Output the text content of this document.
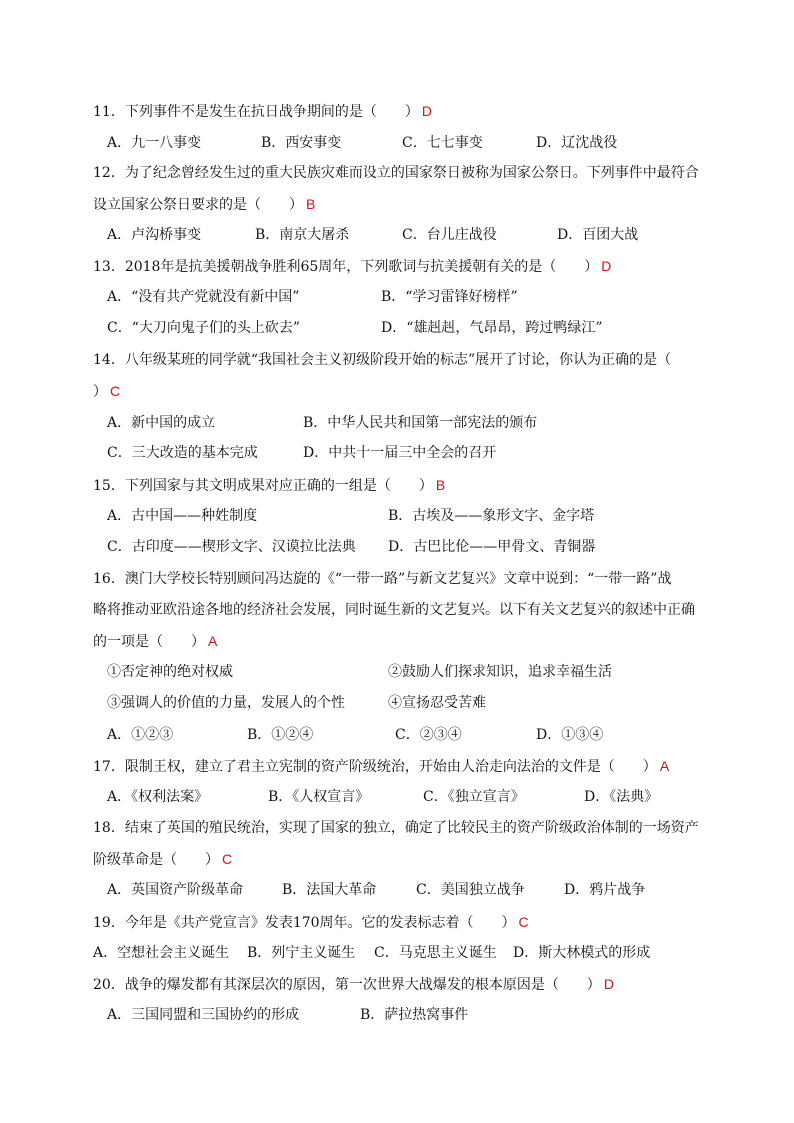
11．下列事件不是发生在抗日战争期间的是（　　） D
A．九一八事变	B．西安事变	C．七七事变	D．辽沈战役
12．为了纪念曾经发生过的重大民族灾难而设立的国家祭日被称为国家公祭日。下列事件中最符合
设立国家公祭日要求的是（　　） B
A．卢沟桥事变	B．南京大屠杀	C．台儿庄战役	D．百团大战
13．2018年是抗美援朝战争胜利65周年，下列歌词与抗美援朝有关的是（　　） D
A．“没有共产党就没有新中国”	B．“学习雷锋好榜样”
C．“大刀向鬼子们的头上砍去”	D．“雄赳赳，气昂昂，跨过鸭绿江”
14．八年级某班的同学就“我国社会主义初级阶段开始的标志”展开了讨论，你认为正确的是（
） C
A．新中国的成立	B．中华人民共和国第一部宪法的颁布
C．三大改造的基本完成	D．中共十一届三中全会的召开
15．下列国家与其文明成果对应正确的一组是（　　） B
A．古中国——种姓制度	B．古埃及——象形文字、金字塔
C．古印度——楔形文字、汉谟拉比法典 D．古巴比伦——甲骨文、青铜器
16．澳门大学校长特别顾问冯达旋的《“一带一路”与新文艺复兴》文章中说到：“一带一路”战
略将推动亚欧沿途各地的经济社会发展，同时诞生新的文艺复兴。以下有关文艺复兴的叙述中正确
的一项是（　　） A
①否定神的绝对权威	②鼓励人们探求知识，追求幸福生活
③强调人的价值的力量，发展人的个性	④宣扬忍受苦难
A．①②③	B．①②④	C．②③④	D．①③④
17．限制王权，建立了君主立宪制的资产阶级统治，开始由人治走向法治的文件是（　　） A
A．《权利法案》	B．《人权宣言》	C．《独立宣言》	D．《法典》
18．结束了英国的殖民统治，实现了国家的独立，确定了比较民主的资产阶级政治体制的一场资产
阶级革命是（　　） C
A．英国资产阶级革命	B．法国大革命	C．美国独立战争	D．鸦片战争
19．今年是《共产党宣言》发表170周年。它的发表标志着（　　） C
A．空想社会主义诞生 B．列宁主义诞生 C．马克思主义诞生 D．斯大林模式的形成
20．战争的爆发都有其深层次的原因，第一次世界大战爆发的根本原因是（　　） D
A．三国同盟和三国协约的形成	B．萨拉热窝事件
